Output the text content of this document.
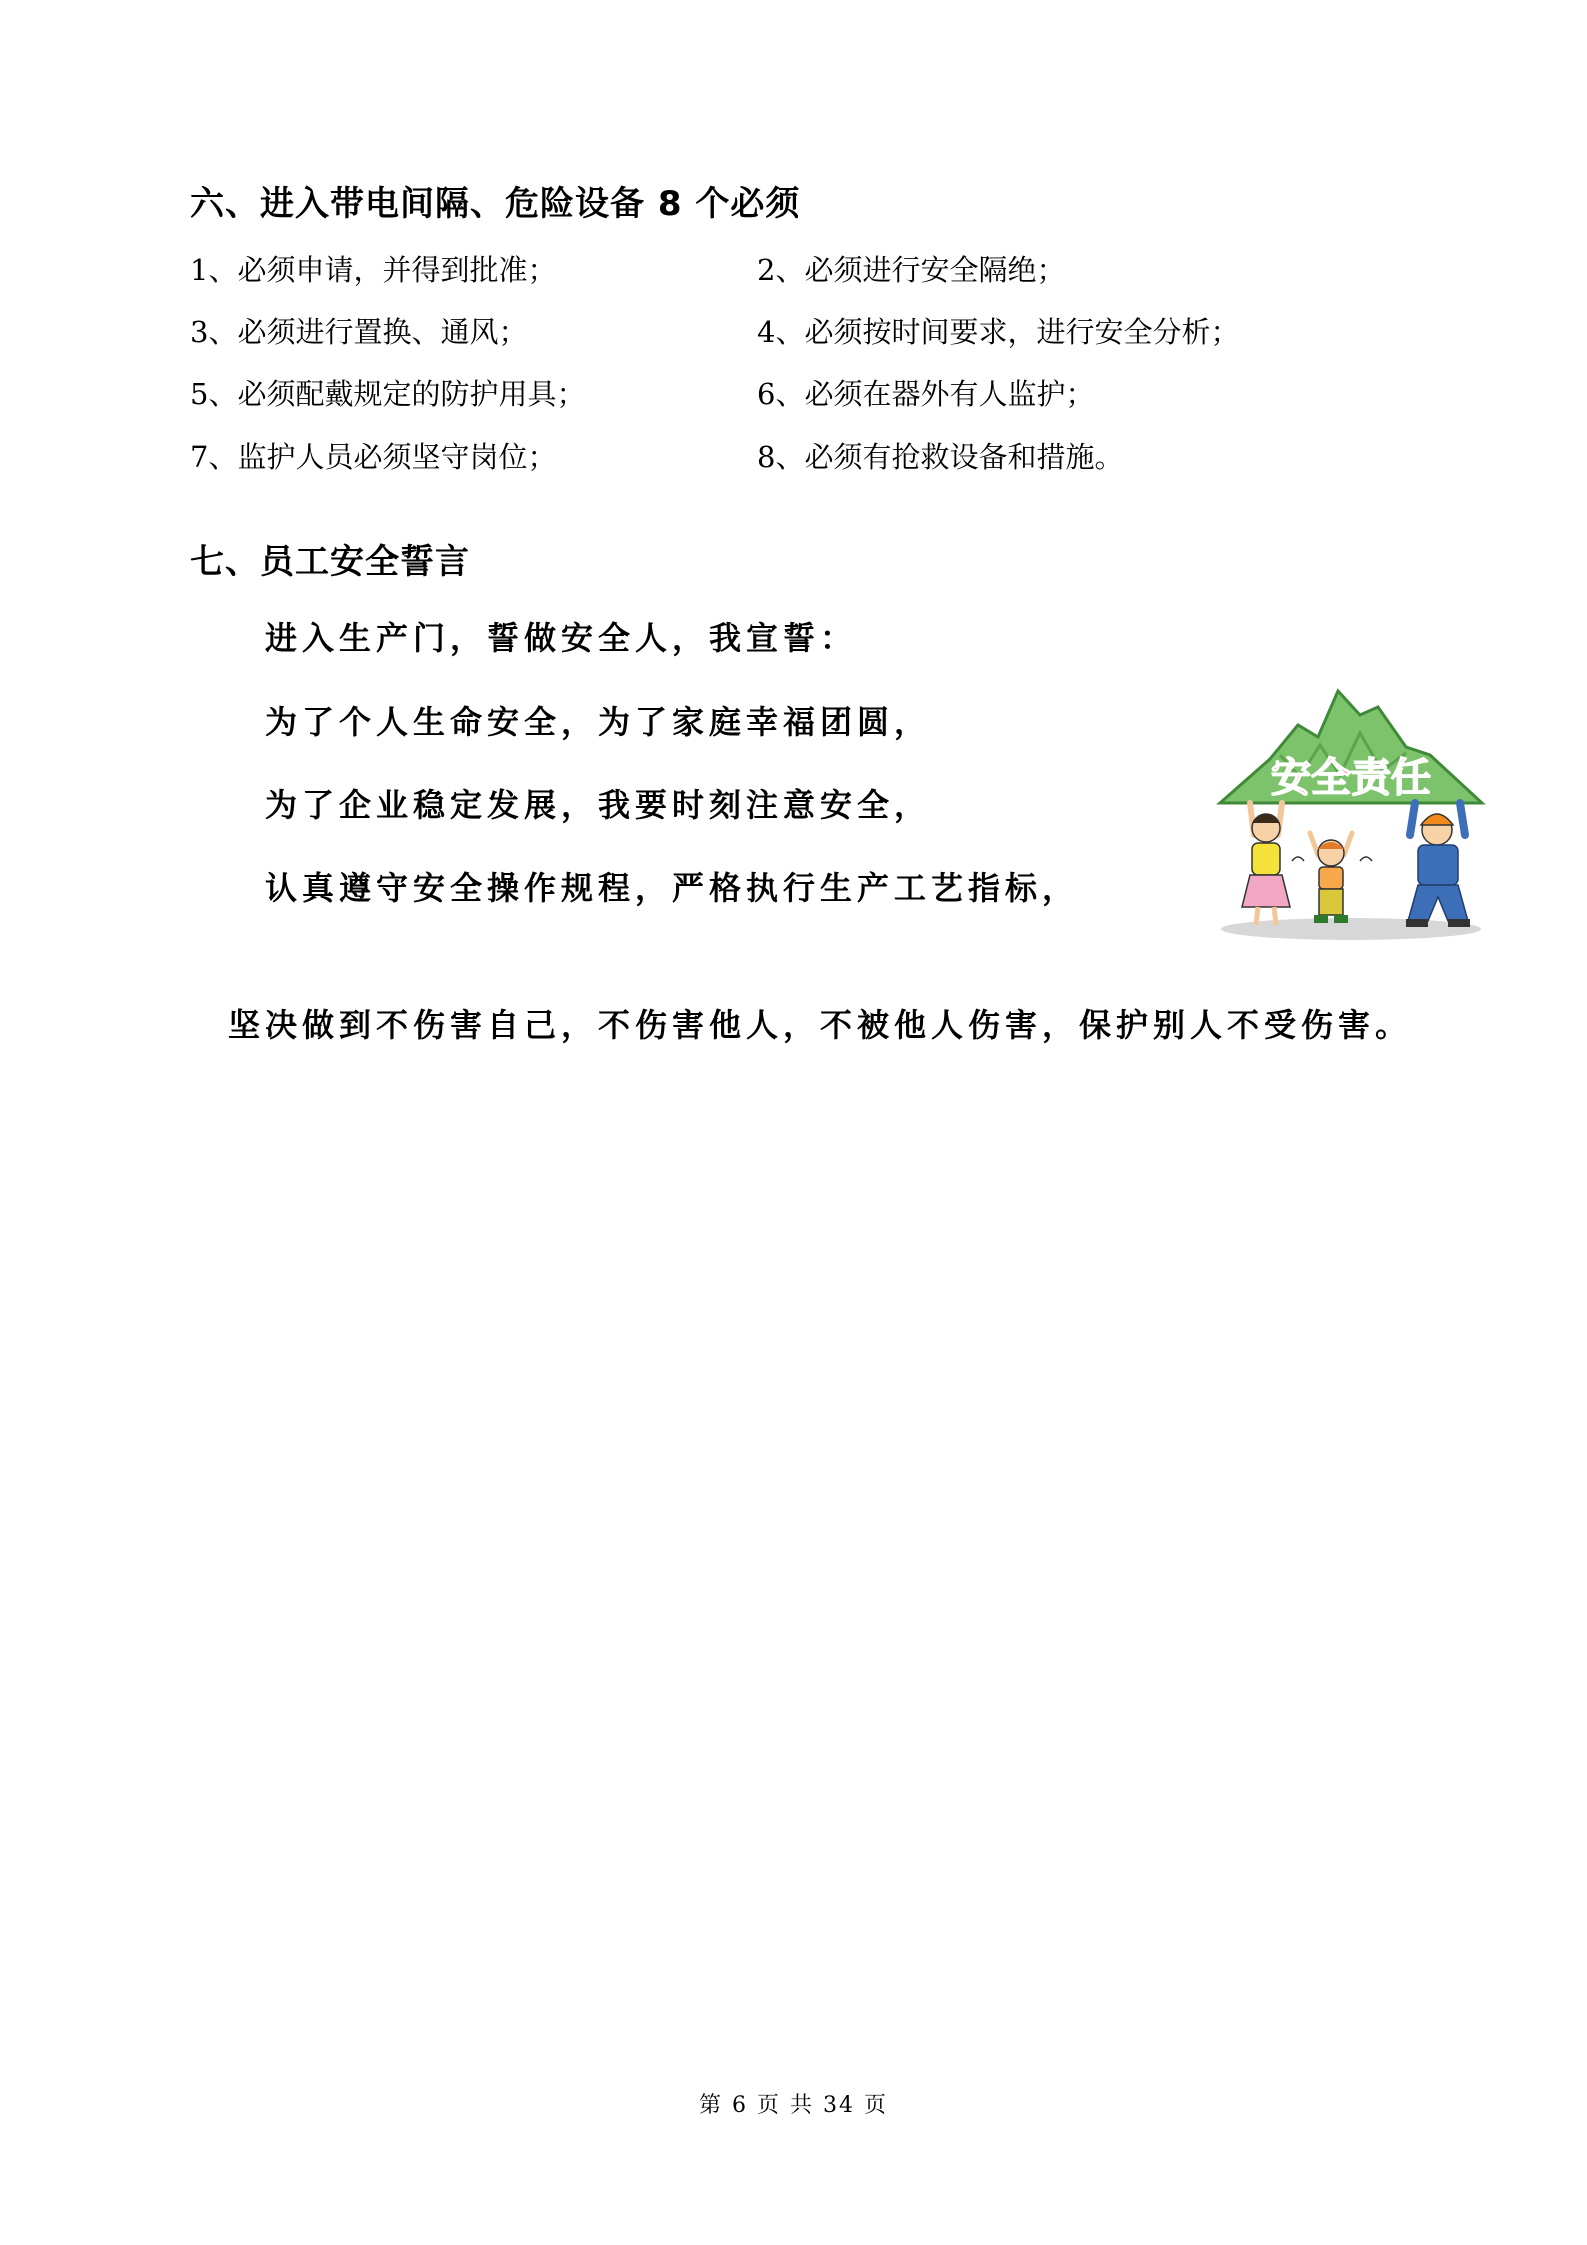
六、进入带电间隔、危险设备 8 个必须
1、必须申请，并得到批准；	2、必须进行安全隔绝；
3、必须进行置换、通风；	4、必须按时间要求，进行安全分析；
5、必须配戴规定的防护用具；	6、必须在器外有人监护；
7、监护人员必须坚守岗位；	8、必须有抢救设备和措施。
七、员工安全誓言
进入生产门，誓做安全人，我宣誓：
为了个人生命安全，为了家庭幸福团圆，
为了企业稳定发展，我要时刻注意安全，
认真遵守安全操作规程，严格执行生产工艺指标，
安全责任
坚决做到不伤害自己，不伤害他人，不被他人伤害，保护别人不受伤害。
第 6 页 共 34 页
